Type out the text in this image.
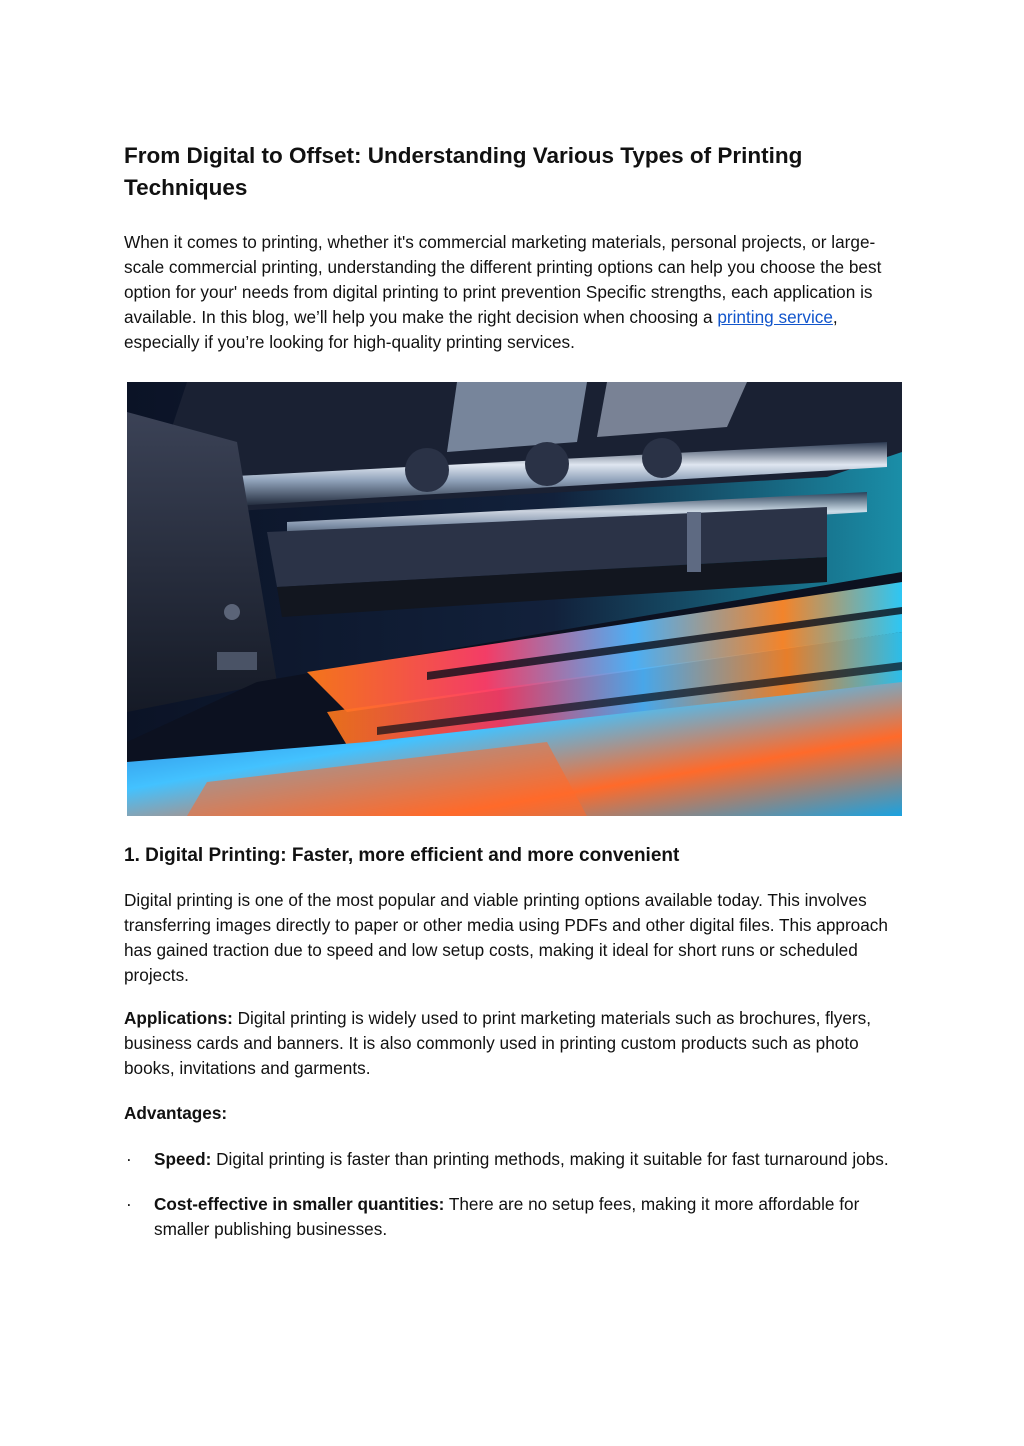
From Digital to Offset: Understanding Various Types of Printing Techniques

When it comes to printing, whether it's commercial marketing materials, personal projects, or large-scale commercial printing, understanding the different printing options can help you choose the best option for your' needs from digital printing to print prevention Specific strengths, each application is available. In this blog, we’ll help you make the right decision when choosing a printing service, especially if you’re looking for high-quality printing services.

1. Digital Printing: Faster, more efficient and more convenient

Digital printing is one of the most popular and viable printing options available today. This involves transferring images directly to paper or other media using PDFs and other digital files. This approach has gained traction due to speed and low setup costs, making it ideal for short runs or scheduled projects.

Applications: Digital printing is widely used to print marketing materials such as brochures, flyers, business cards and banners. It is also commonly used in printing custom products such as photo books, invitations and garments.

Advantages:

· Speed: Digital printing is faster than printing methods, making it suitable for fast turnaround jobs.
· Cost-effective in smaller quantities: There are no setup fees, making it more affordable for smaller publishing businesses.
